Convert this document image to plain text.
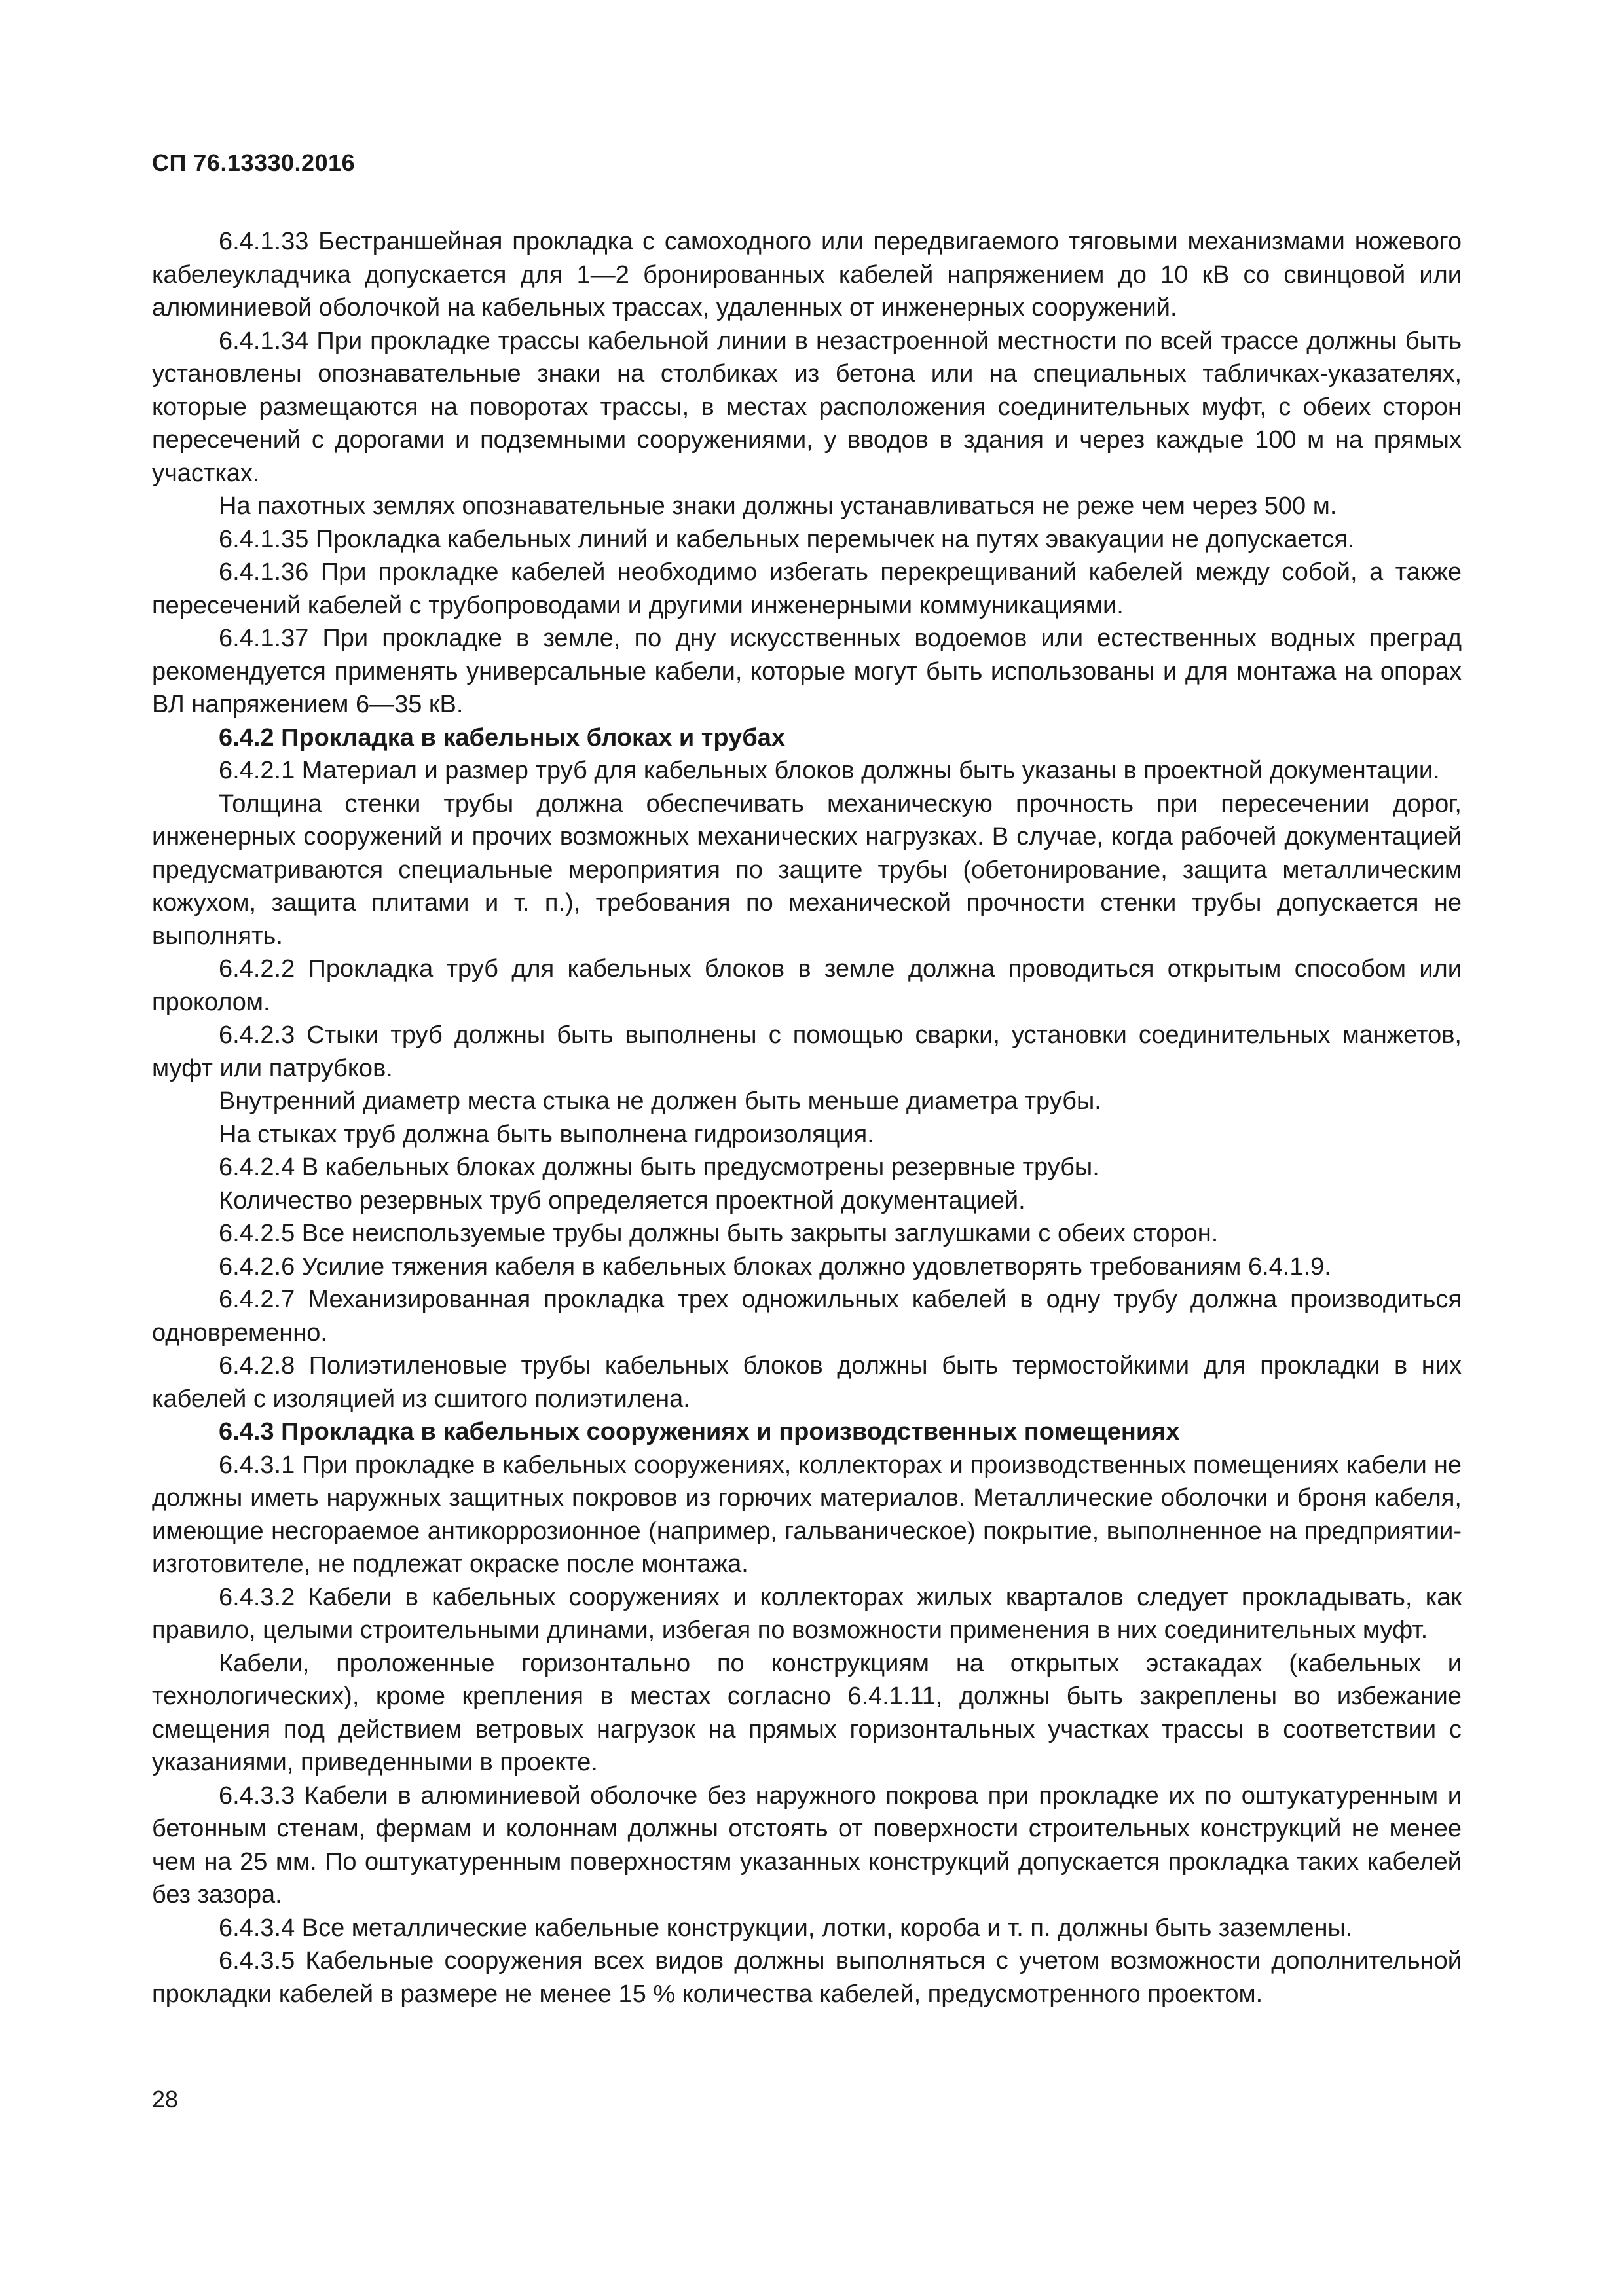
СП 76.13330.2016

6.4.1.33 Бестраншейная прокладка с самоходного или передвигаемого тяговыми механизмами ножевого кабелеукладчика допускается для 1—2 бронированных кабелей напряжением до 10 кВ со свинцовой или алюминиевой оболочкой на кабельных трассах, удаленных от инженерных сооружений.

6.4.1.34 При прокладке трассы кабельной линии в незастроенной местности по всей трассе должны быть установлены опознавательные знаки на столбиках из бетона или на специальных табличках-указателях, которые размещаются на поворотах трассы, в местах расположения соединительных муфт, с обеих сторон пересечений с дорогами и подземными сооружениями, у вводов в здания и через каждые 100 м на прямых участках.

На пахотных землях опознавательные знаки должны устанавливаться не реже чем через 500 м.

6.4.1.35 Прокладка кабельных линий и кабельных перемычек на путях эвакуации не допускается.

6.4.1.36 При прокладке кабелей необходимо избегать перекрещиваний кабелей между собой, а также пересечений кабелей с трубопроводами и другими инженерными коммуникациями.

6.4.1.37 При прокладке в земле, по дну искусственных водоемов или естественных водных преград рекомендуется применять универсальные кабели, которые могут быть использованы и для монтажа на опорах ВЛ напряжением 6—35 кВ.

6.4.2 Прокладка в кабельных блоках и трубах

6.4.2.1 Материал и размер труб для кабельных блоков должны быть указаны в проектной документации.

Толщина стенки трубы должна обеспечивать механическую прочность при пересечении дорог, инженерных сооружений и прочих возможных механических нагрузках. В случае, когда рабочей документацией предусматриваются специальные мероприятия по защите трубы (обетонирование, защита металлическим кожухом, защита плитами и т. п.), требования по механической прочности стенки трубы допускается не выполнять.

6.4.2.2 Прокладка труб для кабельных блоков в земле должна проводиться открытым способом или проколом.

6.4.2.3 Стыки труб должны быть выполнены с помощью сварки, установки соединительных манжетов, муфт или патрубков.

Внутренний диаметр места стыка не должен быть меньше диаметра трубы.

На стыках труб должна быть выполнена гидроизоляция.

6.4.2.4 В кабельных блоках должны быть предусмотрены резервные трубы.

Количество резервных труб определяется проектной документацией.

6.4.2.5 Все неиспользуемые трубы должны быть закрыты заглушками с обеих сторон.

6.4.2.6 Усилие тяжения кабеля в кабельных блоках должно удовлетворять требованиям 6.4.1.9.

6.4.2.7 Механизированная прокладка трех одножильных кабелей в одну трубу должна производиться одновременно.

6.4.2.8 Полиэтиленовые трубы кабельных блоков должны быть термостойкими для прокладки в них кабелей с изоляцией из сшитого полиэтилена.

6.4.3 Прокладка в кабельных сооружениях и производственных помещениях

6.4.3.1 При прокладке в кабельных сооружениях, коллекторах и производственных помещениях кабели не должны иметь наружных защитных покровов из горючих материалов. Металлические оболочки и броня кабеля, имеющие несгораемое антикоррозионное (например, гальваническое) покрытие, выполненное на предприятии-изготовителе, не подлежат окраске после монтажа.

6.4.3.2 Кабели в кабельных сооружениях и коллекторах жилых кварталов следует прокладывать, как правило, целыми строительными длинами, избегая по возможности применения в них соединительных муфт.

Кабели, проложенные горизонтально по конструкциям на открытых эстакадах (кабельных и технологических), кроме крепления в местах согласно 6.4.1.11, должны быть закреплены во избежание смещения под действием ветровых нагрузок на прямых горизонтальных участках трассы в соответствии с указаниями, приведенными в проекте.

6.4.3.3 Кабели в алюминиевой оболочке без наружного покрова при прокладке их по оштукатуренным и бетонным стенам, фермам и колоннам должны отстоять от поверхности строительных конструкций не менее чем на 25 мм. По оштукатуренным поверхностям указанных конструкций допускается прокладка таких кабелей без зазора.

6.4.3.4 Все металлические кабельные конструкции, лотки, короба и т. п. должны быть заземлены.

6.4.3.5 Кабельные сооружения всех видов должны выполняться с учетом возможности дополнительной прокладки кабелей в размере не менее 15 % количества кабелей, предусмотренного проектом.

28
